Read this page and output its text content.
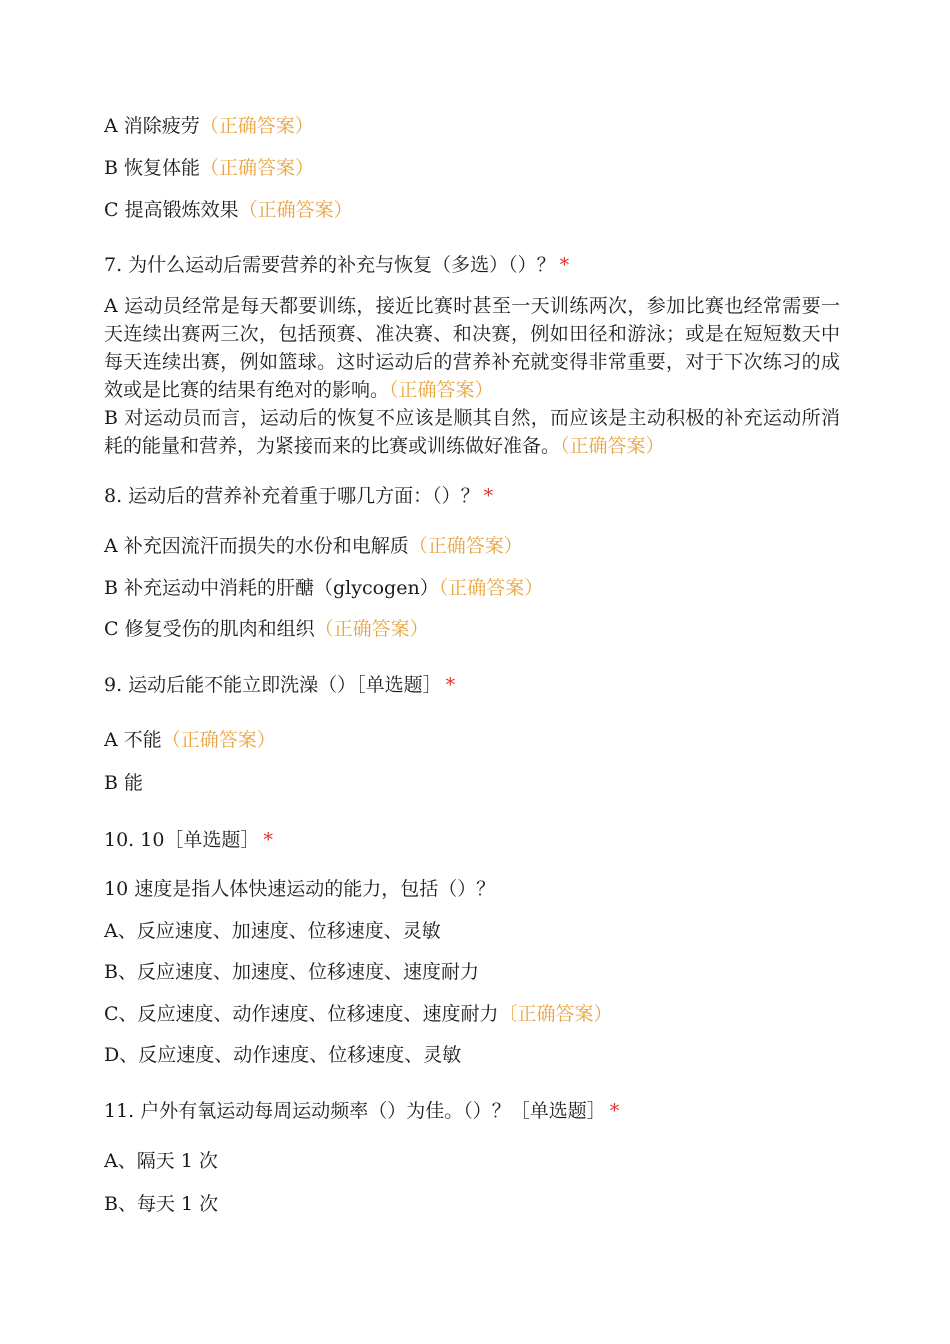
A 消除疲劳（正确答案）
B 恢复体能（正确答案）
C 提高锻炼效果（正确答案）
7. 为什么运动后需要营养的补充与恢复（多选）（）？ *
A 运动员经常是每天都要训练，接近比赛时甚至一天训练两次，参加比赛也经常需要一天连续出赛两三次，包括预赛、准决赛、和决赛，例如田径和游泳；或是在短短数天中每天连续出赛，例如篮球。这时运动后的营养补充就变得非常重要，对于下次练习的成效或是比赛的结果有绝对的影响。（正确答案）
B 对运动员而言，运动后的恢复不应该是顺其自然，而应该是主动积极的补充运动所消耗的能量和营养，为紧接而来的比赛或训练做好准备。（正确答案）
8. 运动后的营养补充着重于哪几方面：（）？ *
A 补充因流汗而损失的水份和电解质（正确答案）
B 补充运动中消耗的肝醣（glycogen）（正确答案）
C 修复受伤的肌肉和组织（正确答案）
9. 运动后能不能立即洗澡（）［单选题］ *
A 不能（正确答案）
B 能
10. 10［单选题］ *
10 速度是指人体快速运动的能力，包括（）？
A、反应速度、加速度、位移速度、灵敏
B、反应速度、加速度、位移速度、速度耐力
C、反应速度、动作速度、位移速度、速度耐力〔正确答案）
D、反应速度、动作速度、位移速度、灵敏
11. 户外有氧运动每周运动频率（）为佳。（）？［单选题］ *
A、隔天 1 次
B、每天 1 次
